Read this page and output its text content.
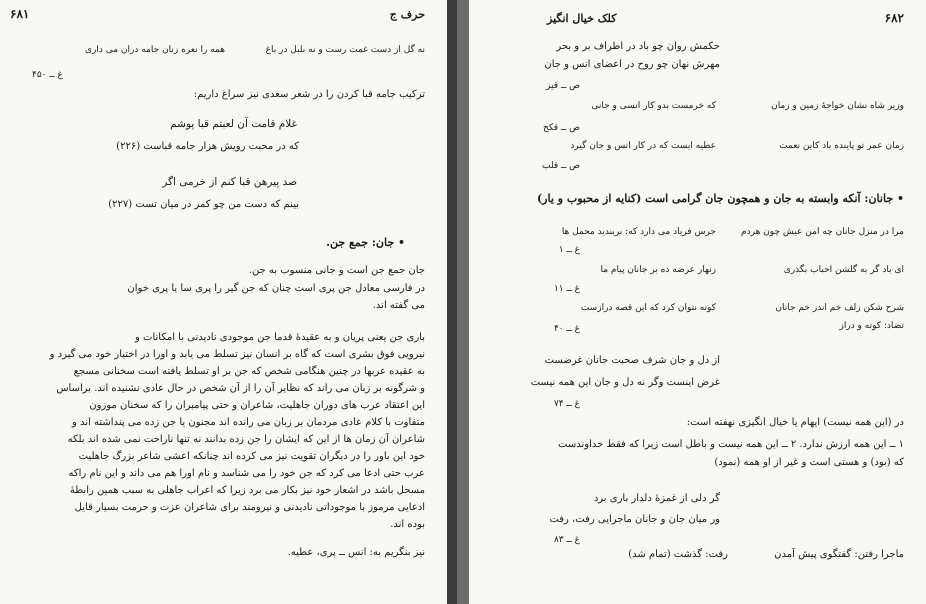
۶۸۱	حرف ج
نه گل از دست غمت رست و نه بلبل در باغ
همه را نعره زنان جامه دران می داری
غ ــ ۴۵۰
ترکیب جامه قبا کردن را در شعر سعدی نیز سراغ داریم:
غلام قامت آن لعبتم قبا پوشم
که در محبت رویش هزار جامه قباست (۲۲۶)
صد پیرهن قبا کنم از خرمی اگر
بینم که دست من چو کمر در میان تست (۲۲۷)
• جان: جمع جن.
جان جمع جن است و جانی منسوب به جن.
در فارسی معادل جن پری است چنان که جن گیر را پری سا یا پری خوان
می گفته اند.
باری جن یعنی پریان و به عقیدهٔ قدما جن موجودی نادیدنی با امکانات و
نیرویی فوق بشری است که گاه بر انسان نیز تسلط می یابد و اورا در اختیار خود می گیرد و
به عقیده عربها در چنین هنگامی شخص که جن بر او تسلط یافته است سخنانی مسجع
و شرگونه بر زبان می راند که نظایر آن را از آن شخص در حال عادی نشنیده اند. براساس
این اعتقاد عرب های دوران جاهلیت، شاعران و حتی پیامبران را که سخنان موزون
متفاوت با کلام عادی مردمان بر زبان می رانده اند مجنون یا جن زده می پنداشته اند و
شاعران آن زمان ها از این که ایشان را جن زده بدانند نه تنها ناراحت نمی شده اند بلکه
خود این باور را در دیگران تقویت نیز می کرده اند چنانکه اعشی شاعر بزرگ جاهلیت
عرب حتی ادعا می کرد که جن خود را می شناسد و نام اورا هم می داند و این نام راکه
مسحل باشد در اشعار خود نیز بکار می برد زیرا که اعراب جاهلی به سبب همین رابطهٔ
ادعایی مرموز با موجوداتی نادیدنی و نیرومند برای شاعران عزت و حرمت بسیار قایل
بوده اند.
نیز بنگریم به: انس ــ پری، عطیه.
کلک خیال انگیز	۶۸۲
حکمش روان چو باد در اطراف بر و بحر
مهرش نهان چو روح در اعضای انس و جان
ص ــ قیز
وزیر شاه نشان خواجهٔ زمین و زمان
که خرمست بدو کار انسی و جانی
ص ــ قکح
زمان عمر تو پاینده باد کاین نعمت
عطیه ایست که در کار انس و جان گیرد
ص ــ قلب
• جانان: آنکه وابسته به جان و همچون جان گرامی است (کنایه از محبوب و یار)
مرا در منزل جانان چه امن عیش چون هردم
جرس فریاد می دارد که: بربندید محمل ها
غ ــ ۱
ای باد گر به گلشن احباب بگذری
زنهار عرضه ده بر جانان پیام ما
غ ــ ۱۱
شرح شکن زلف خم اندر خم جانان
کوته نتوان کرد که این قصه درازست
تضاد: کوته و دراز
غ ــ ۴۰
از دل و جان شرف صحبت جانان غرضست
غرض اینست وگر نه دل و جان این همه نیست
غ ــ ۷۴
در (این همه نیست) ایهام یا خیال انگیزی نهفته است:
۱ ــ این همه ارزش ندارد. ۲ ــ این همه نیست و باطل است زیرا که فقط خداوندست
که (بود) و هستی است و غیر از او همه (نمود)
گر دلی از غمزهٔ دلدار باری برد
ور میان جان و جانان ماجرایی رفت، رفت
غ ــ ۸۳
ماجرا رفتن: گفتگوی پیش آمدن
رفت: گذشت (تمام شد)
